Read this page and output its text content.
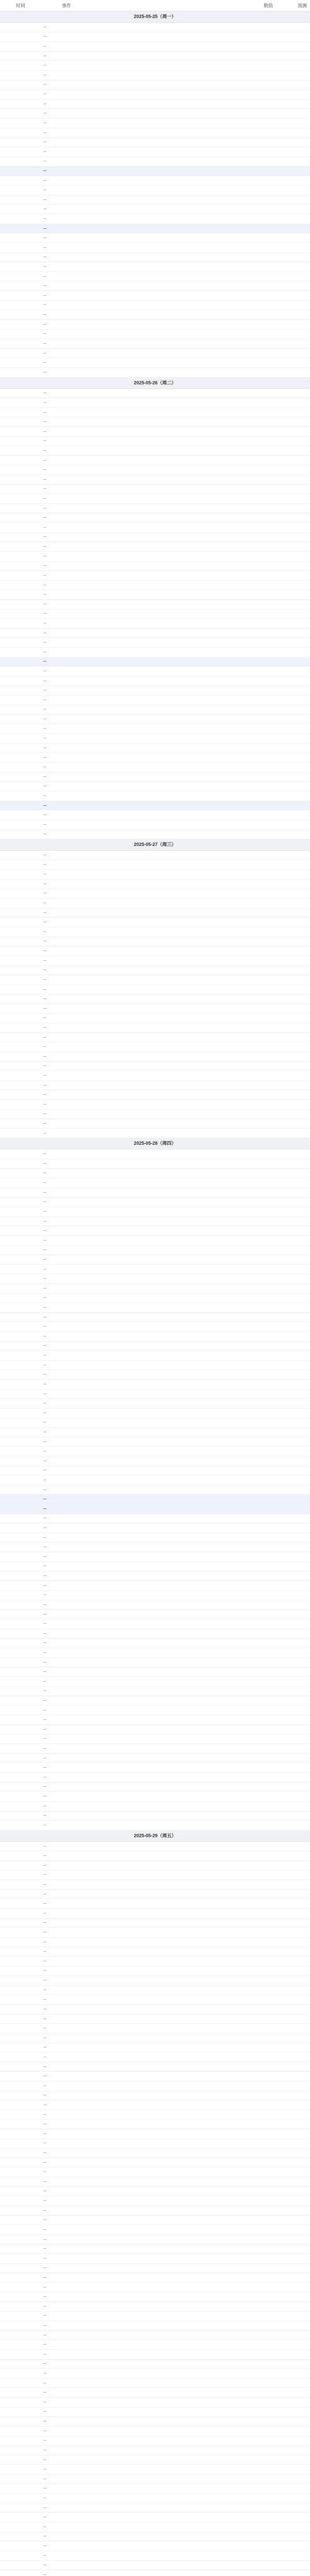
时间	事件	数值	预测
2025-05-25（周一）
—
—
—
—
—
—
—
—
—
—
—
—
—
—
—
—
—
—
—
—
—
—
—
—
—
—
—
—
—
—
—
—
—
—
—
—
—
2025-05-26（周二）
—
—
—
—
—
—
—
—
—
—
—
—
—
—
—
—
—
—
—
—
—
—
—
—
—
—
—
—
—
—
—
—
—
—
—
—
—
—
—
—
—
—
—
—
—
—
—
2025-05-27（周三）
—
—
—
—
—
—
—
—
—
—
—
—
—
—
—
—
—
—
—
—
—
—
—
—
—
—
—
—
—
—
2025-05-28（周四）
—
—
—
—
—
—
—
—
—
—
—
—
—
—
—
—
—
—
—
—
—
—
—
—
—
—
—
—
—
—
—
—
—
—
—
—
—
—
—
—
—
—
—
—
—
—
—
—
—
—
—
—
—
—
—
—
—
—
—
—
—
—
—
—
—
—
—
—
—
—
—
2025-05-29（周五）
—
—
—
—
—
—
—
—
—
—
—
—
—
—
—
—
—
—
—
—
—
—
—
—
—
—
—
—
—
—
—
—
—
—
—
—
—
—
—
—
—
—
—
—
—
—
—
—
—
—
—
—
—
—
—
—
—
—
—
—
—
—
—
—
—
—
—
—
—
—
—
—
—
—
—
—
—
